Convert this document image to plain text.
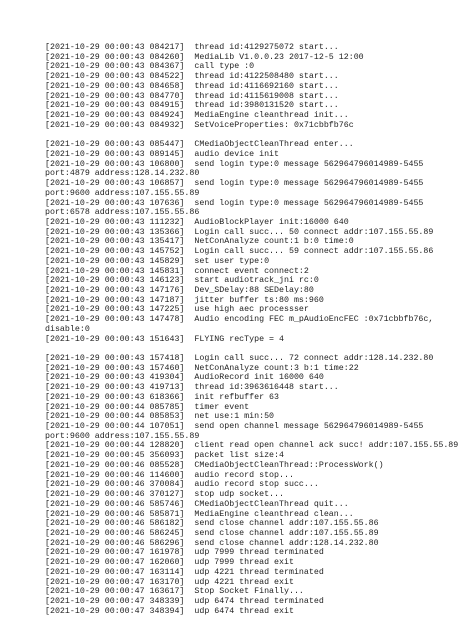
[2021-10-29 00:00:43 084217]  thread id:4129275072 start...
[2021-10-29 00:00:43 084260]  MediaLib V1.0.0.23 2017-12-5 12:00
[2021-10-29 00:00:43 084367]  call type :0
[2021-10-29 00:00:43 084522]  thread id:4122508480 start...
[2021-10-29 00:00:43 084658]  thread id:4116692160 start...
[2021-10-29 00:00:43 084770]  thread id:4115619008 start...
[2021-10-29 00:00:43 084915]  thread id:3980131520 start...
[2021-10-29 00:00:43 084924]  MediaEngine cleanthread init...
[2021-10-29 00:00:43 084932]  SetVoiceProperties: 0x71cbbfb76c
[2021-10-29 00:00:43 085447]  CMediaObjectCleanThread enter...
[2021-10-29 00:00:43 089145]  audio device init
[2021-10-29 00:00:43 106800]  send login type:0 message 562964796014989-5455
port:4879 address:128.14.232.80
[2021-10-29 00:00:43 106857]  send login type:0 message 562964796014989-5455
port:9600 address:107.155.55.89
[2021-10-29 00:00:43 107636]  send login type:0 message 562964796014989-5455
port:6578 address:107.155.55.86
[2021-10-29 00:00:43 111232]  AudioBlockPlayer init:16000 640
[2021-10-29 00:00:43 135366]  Login call succ... 50 connect addr:107.155.55.89
[2021-10-29 00:00:43 135417]  NetConAnalyze count:1 b:0 time:0
[2021-10-29 00:00:43 145752]  Login call succ... 59 connect addr:107.155.55.86
[2021-10-29 00:00:43 145829]  set user type:0
[2021-10-29 00:00:43 145831]  connect event connect:2
[2021-10-29 00:00:43 146123]  start audiotrack_jni rc:0
[2021-10-29 00:00:43 147176]  Dev_SDelay:88 SEDelay:80
[2021-10-29 00:00:43 147187]  jitter buffer ts:80 ms:960
[2021-10-29 00:00:43 147225]  use high aec processser
[2021-10-29 00:00:43 147478]  Audio encoding FEC m_pAudioEncFEC :0x71cbbfb76c,
disable:0
[2021-10-29 00:00:43 151643]  FLYING recType = 4
[2021-10-29 00:00:43 157418]  Login call succ... 72 connect addr:128.14.232.80
[2021-10-29 00:00:43 157460]  NetConAnalyze count:3 b:1 time:22
[2021-10-29 00:00:43 419304]  AudioRecord init 16000 640
[2021-10-29 00:00:43 419713]  thread id:3963616448 start...
[2021-10-29 00:00:43 618366]  init refbuffer 63
[2021-10-29 00:00:44 085785]  timer event
[2021-10-29 00:00:44 085853]  net use:1 min:50
[2021-10-29 00:00:44 107051]  send open channel message 562964796014989-5455
port:9600 address:107.155.55.89
[2021-10-29 00:00:44 128820]  client read open channel ack succ! addr:107.155.55.89
[2021-10-29 00:00:45 356093]  packet list size:4
[2021-10-29 00:00:46 085528]  CMediaObjectCleanThread::ProcessWork()
[2021-10-29 00:00:46 114600]  audio record stop...
[2021-10-29 00:00:46 370084]  audio record stop succ...
[2021-10-29 00:00:46 370127]  stop udp socket...
[2021-10-29 00:00:46 585746]  CMediaObjectCleanThread quit...
[2021-10-29 00:00:46 585871]  MediaEngine cleanthread clean...
[2021-10-29 00:00:46 586182]  send close channel addr:107.155.55.86
[2021-10-29 00:00:46 586245]  send close channel addr:107.155.55.89
[2021-10-29 00:00:46 586296]  send close channel addr:128.14.232.80
[2021-10-29 00:00:47 161978]  udp 7999 thread terminated
[2021-10-29 00:00:47 162060]  udp 7999 thread exit
[2021-10-29 00:00:47 163114]  udp 4221 thread terminated
[2021-10-29 00:00:47 163170]  udp 4221 thread exit
[2021-10-29 00:00:47 163617]  Stop Socket Finally...
[2021-10-29 00:00:47 348339]  udp 6474 thread terminated
[2021-10-29 00:00:47 348394]  udp 6474 thread exit
